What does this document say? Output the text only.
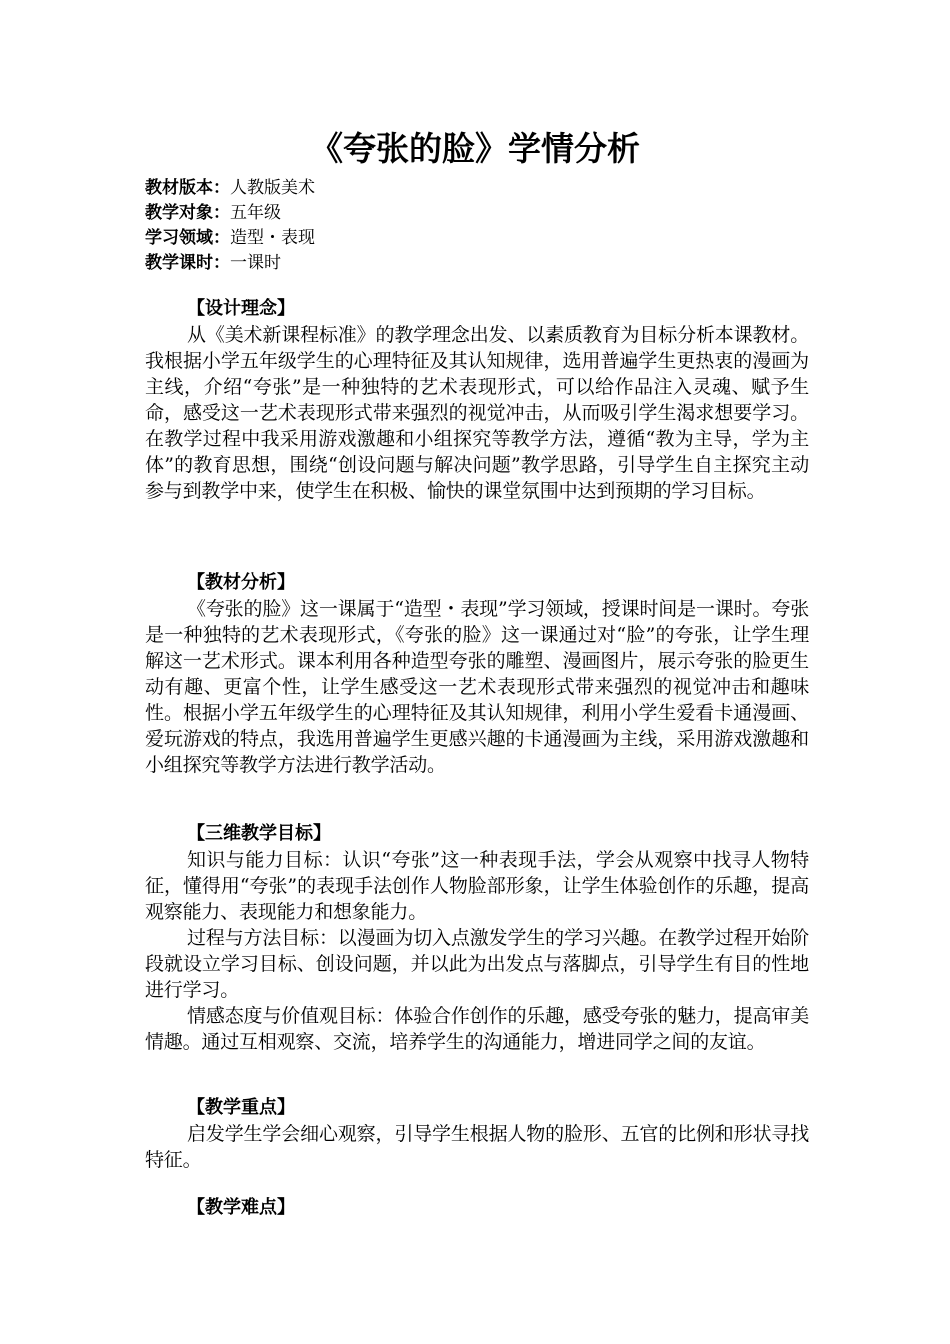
《夸张的脸》学情分析
教材版本：人教版美术
教学对象：五年级
学习领域：造型・表现
教学课时：一课时
【设计理念】

从《美术新课程标准》的教学理念出发、以素质教育为目标分析本课教材。我根据小学五年级学生的心理特征及其认知规律，选用普遍学生更热衷的漫画为主线，介绍“夸张”是一种独特的艺术表现形式，可以给作品注入灵魂、赋予生命，感受这一艺术表现形式带来强烈的视觉冲击，从而吸引学生渴求想要学习。在教学过程中我采用游戏激趣和小组探究等教学方法，遵循“教为主导，学为主体”的教育思想，围绕“创设问题与解决问题”教学思路，引导学生自主探究主动参与到教学中来，使学生在积极、愉快的课堂氛围中达到预期的学习目标。

【教材分析】

《夸张的脸》这一课属于“造型・表现”学习领域，授课时间是一课时。夸张是一种独特的艺术表现形式，《夸张的脸》这一课通过对“脸”的夸张，让学生理解这一艺术形式。课本利用各种造型夸张的雕塑、漫画图片，展示夸张的脸更生动有趣、更富个性，让学生感受这一艺术表现形式带来强烈的视觉冲击和趣味性。根据小学五年级学生的心理特征及其认知规律，利用小学生爱看卡通漫画、爱玩游戏的特点，我选用普遍学生更感兴趣的卡通漫画为主线，采用游戏激趣和小组探究等教学方法进行教学活动。

【三维教学目标】

知识与能力目标：认识“夸张”这一种表现手法，学会从观察中找寻人物特征，懂得用“夸张”的表现手法创作人物脸部形象，让学生体验创作的乐趣，提高观察能力、表现能力和想象能力。

过程与方法目标：以漫画为切入点激发学生的学习兴趣。在教学过程开始阶段就设立学习目标、创设问题，并以此为出发点与落脚点，引导学生有目的性地进行学习。

情感态度与价值观目标：体验合作创作的乐趣，感受夸张的魅力，提高审美情趣。通过互相观察、交流，培养学生的沟通能力，增进同学之间的友谊。

【教学重点】

启发学生学会细心观察，引导学生根据人物的脸形、五官的比例和形状寻找特征。

【教学难点】
